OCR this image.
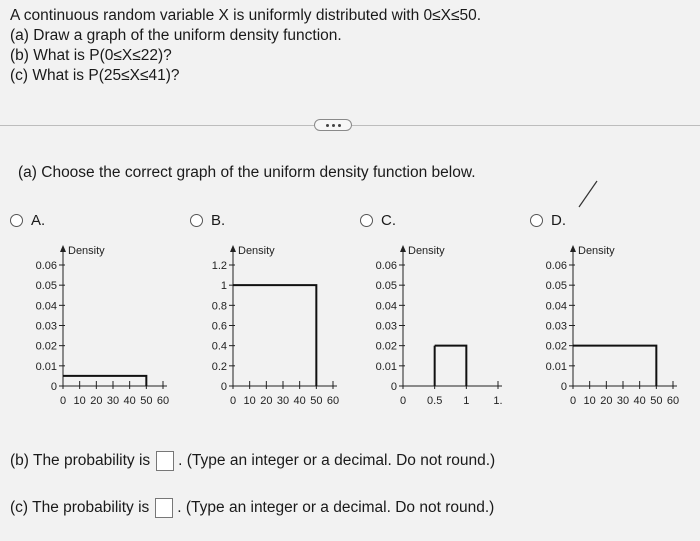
A continuous random variable X is uniformly distributed with 0≤X≤50.
(a) Draw a graph of the uniform density function.
(b) What is P(0≤X≤22)?
(c) What is P(25≤X≤41)?
(a) Choose the correct graph of the uniform density function below.
A.	B.	C.	D.
Density
0.06
0.05
0.04
0.03
0.02
0.01
0
0 10 20 30 40 50 60
Density
1.2
1
0.8
0.6
0.4
0.2
0
0 10 20 30 40 50 60
Density
0.06
0.05
0.04
0.03
0.02
0.01
0
0 0.5 1 1.
Density
0.06
0.05
0.04
0.03
0.02
0.01
0
0 10 20 30 40 50 60
(b) The probability is . (Type an integer or a decimal. Do not round.)
(c) The probability is . (Type an integer or a decimal. Do not round.)
